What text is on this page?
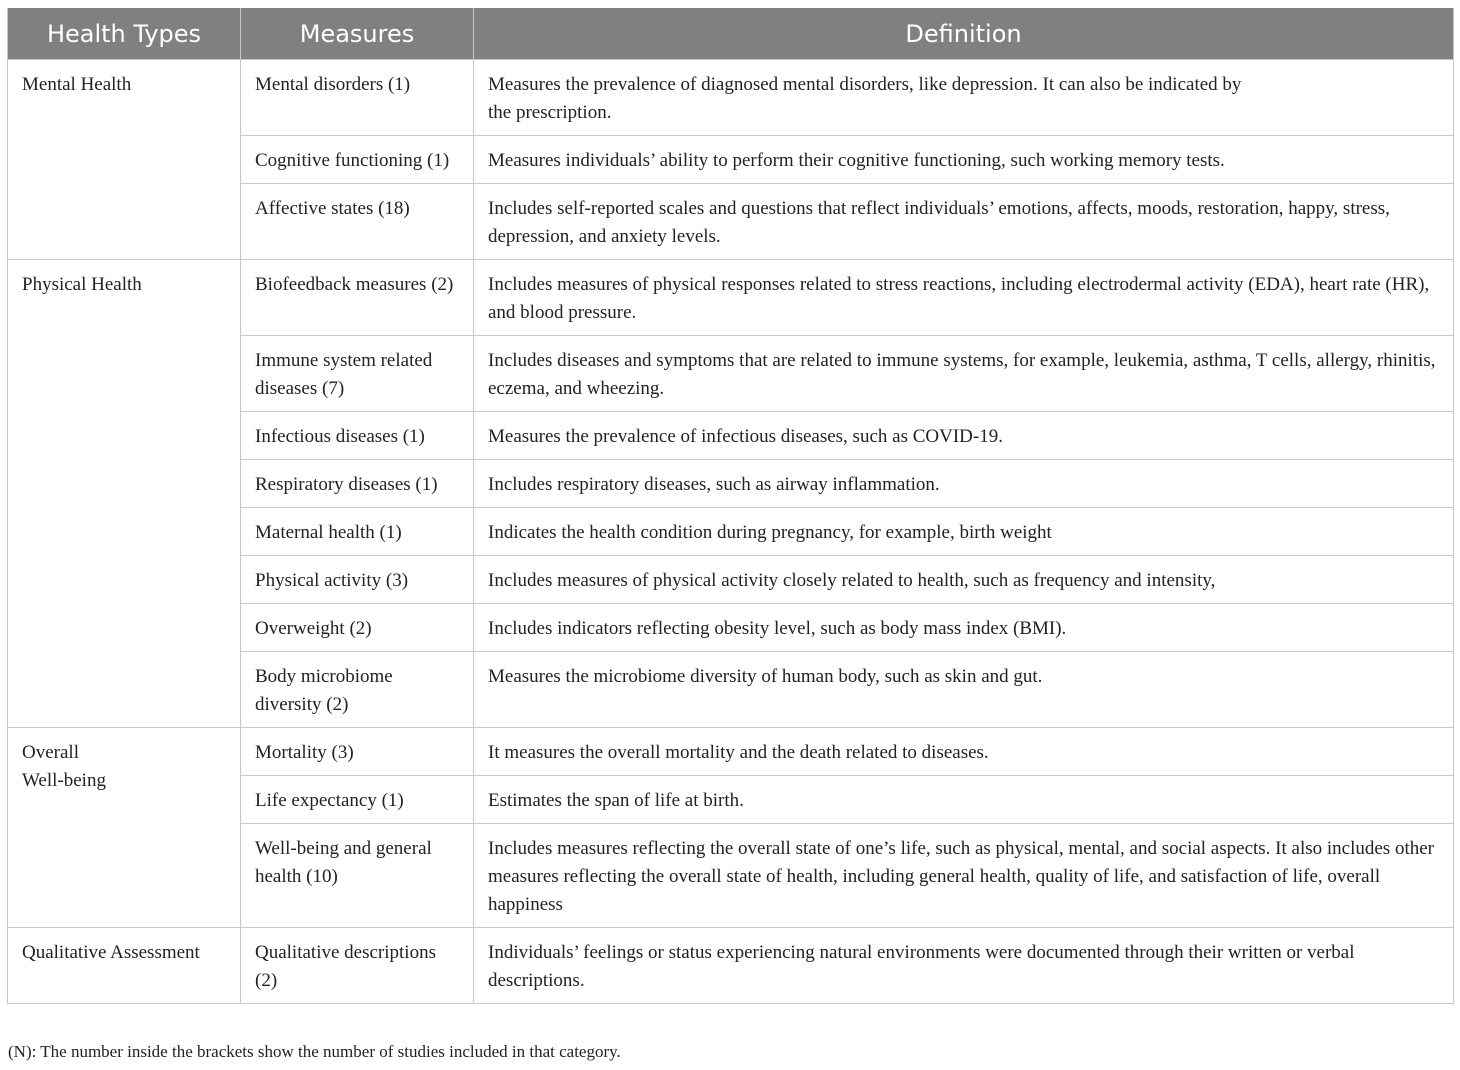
Health Types	Measures	Definition
Mental Health	Mental disorders (1)	Measures the prevalence of diagnosed mental disorders, like depression. It can also be indicated by
the prescription.
	Cognitive functioning (1)	Measures individuals’ ability to perform their cognitive functioning, such working memory tests.
	Affective states (18)	Includes self-reported scales and questions that reflect individuals’ emotions, affects, moods, restoration, happy, stress, depression, and anxiety levels.
Physical Health	Biofeedback measures (2)	Includes measures of physical responses related to stress reactions, including electrodermal activity (EDA), heart rate (HR), and blood pressure.
	Immune system related diseases (7)	Includes diseases and symptoms that are related to immune systems, for example, leukemia, asthma, T cells, allergy, rhinitis, eczema, and wheezing.
	Infectious diseases (1)	Measures the prevalence of infectious diseases, such as COVID-19.
	Respiratory diseases (1)	Includes respiratory diseases, such as airway inflammation.
	Maternal health (1)	Indicates the health condition during pregnancy, for example, birth weight
	Physical activity (3)	Includes measures of physical activity closely related to health, such as frequency and intensity,
	Overweight (2)	Includes indicators reflecting obesity level, such as body mass index (BMI).
	Body microbiome diversity (2)	Measures the microbiome diversity of human body, such as skin and gut.
Overall
Well-being	Mortality (3)	It measures the overall mortality and the death related to diseases.
	Life expectancy (1)	Estimates the span of life at birth.
	Well-being and general health (10)	Includes measures reflecting the overall state of one’s life, such as physical, mental, and social aspects. It also includes other measures reflecting the overall state of health, including general health, quality of life, and satisfaction of life, overall happiness
Qualitative Assessment	Qualitative descriptions (2)	Individuals’ feelings or status experiencing natural environments were documented through their written or verbal descriptions.
(N): The number inside the brackets show the number of studies included in that category.
